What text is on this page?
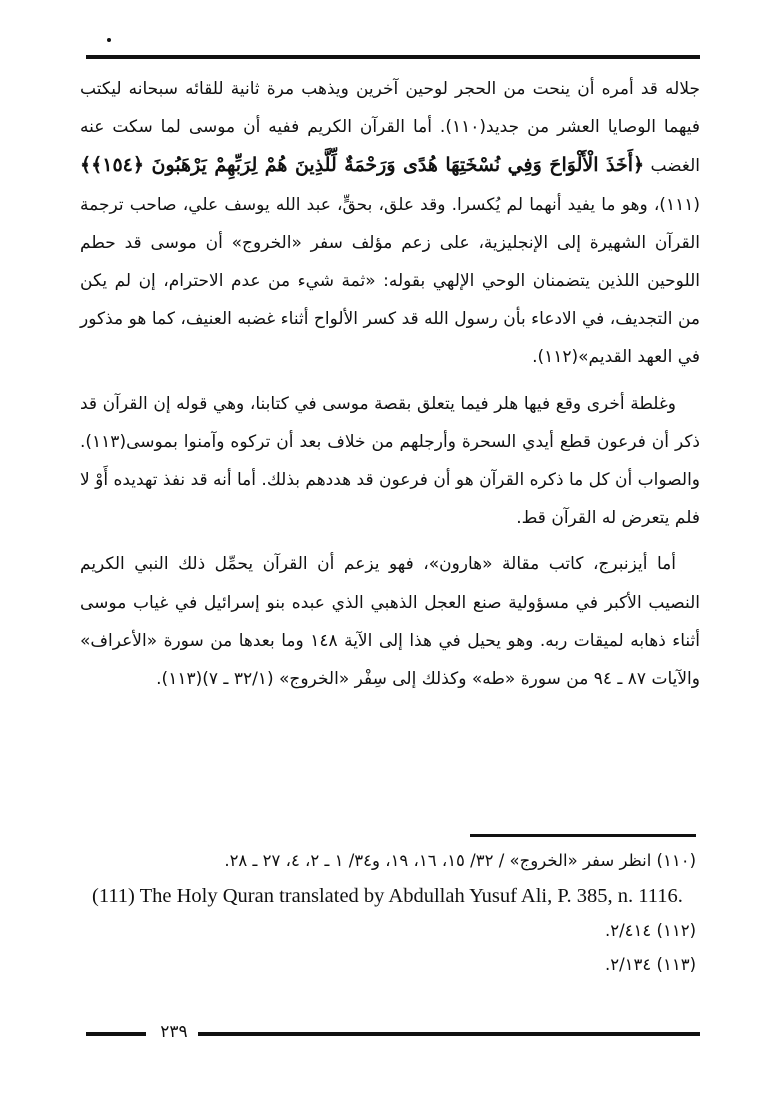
جلاله قد أمره أن ينحت من الحجر لوحين آخرين ويذهب مرة ثانية للقائه سبحانه ليكتب فيهما الوصايا العشر من جديد(١١٠). أما القرآن الكريم ففيه أن موسى لما سكت عنه الغضب ﴿أَخَذَ الْأَلْوَاحَ وَفِي نُسْخَتِهَا هُدًى وَرَحْمَةٌ لِّلَّذِينَ هُمْ لِرَبِّهِمْ يَرْهَبُونَ ﴿١٥٤﴾﴾ (١١١)، وهو ما يفيد أنهما لم يُكسرا. وقد علق، بحقٍّ، عبد الله يوسف علي، صاحب ترجمة القرآن الشهيرة إلى الإنجليزية، على زعم مؤلف سفر «الخروج» أن موسى قد حطم اللوحين اللذين يتضمنان الوحي الإلهي بقوله: «ثمة شيء من عدم الاحترام، إن لم يكن من التجديف، في الادعاء بأن رسول الله قد كسر الألواح أثناء غضبه العنيف، كما هو مذكور في العهد القديم»(١١٢).

وغلطة أخرى وقع فيها هلر فيما يتعلق بقصة موسى في كتابنا، وهي قوله إن القرآن قد ذكر أن فرعون قطع أيدي السحرة وأرجلهم من خلاف بعد أن تركوه وآمنوا بموسى(١١٣). والصواب أن كل ما ذكره القرآن هو أن فرعون قد هددهم بذلك. أما أنه قد نفذ تهديده أَوْ لا فلم يتعرض له القرآن قط.

أما أيزنبرج، كاتب مقالة «هارون»، فهو يزعم أن القرآن يحمِّل ذلك النبي الكريم النصيب الأكبر في مسؤولية صنع العجل الذهبي الذي عبده بنو إسرائيل في غياب موسى أثناء ذهابه لميقات ربه. وهو يحيل في هذا إلى الآية ١٤٨ وما بعدها من سورة «الأعراف» والآيات ٨٧ ـ ٩٤ من سورة «طه» وكذلك إلى سِفْر «الخروج» (٣٢/١ ـ ٧)(١١٣).

(١١٠) انظر سفر «الخروج» / ٣٢/ ١٥، ١٦، ١٩، و٣٤/ ١ ـ ٢، ٤، ٢٧ ـ ٢٨.

(111) The Holy Quran translated by Abdullah Yusuf Ali, P. 385, n. 1116.

(١١٢) ٢/٤١٤.

(١١٣) ٢/١٣٤.

٢٣٩
